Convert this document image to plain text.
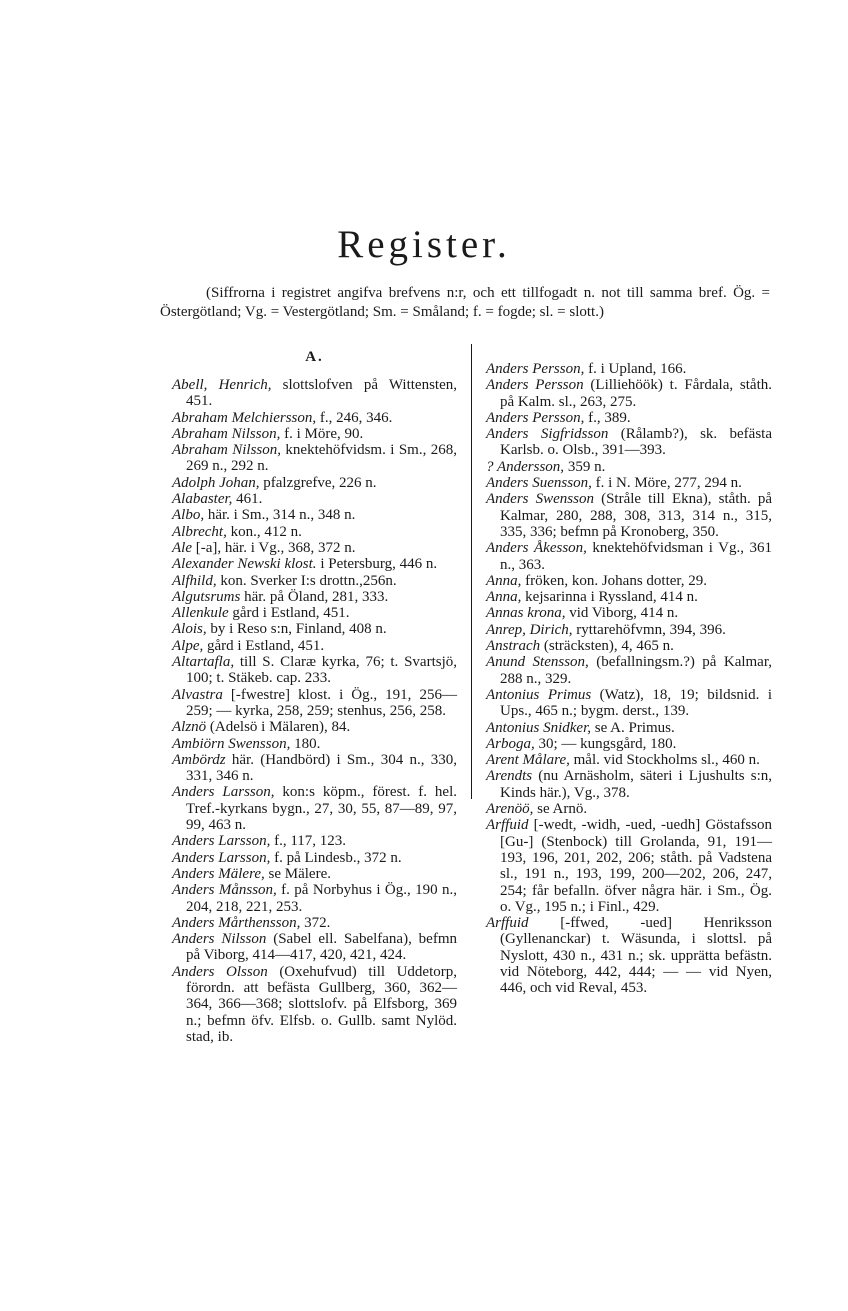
Register.

(Siffrorna i registret angifva brefvens n:r, och ett tillfogadt n. not till samma bref. Ög. = Östergötland; Vg. = Vestergötland; Sm. = Småland; f. = fogde; sl. = slott.)

A.

Abell, Henrich, slottslofven på Wittensten, 451.

Abraham Melchiersson, f., 246, 346.

Abraham Nilsson, f. i Möre, 90.

Abraham Nilsson, knektehöfvidsm. i Sm., 268, 269 n., 292 n.

Adolph Johan, pfalzgrefve, 226 n.

Alabaster, 461.

Albo, här. i Sm., 314 n., 348 n.

Albrecht, kon., 412 n.

Ale [-a], här. i Vg., 368, 372 n.

Alexander Newski klost. i Petersburg, 446 n.

Alfhild, kon. Sverker I:s drottn.,256n.

Algutsrums här. på Öland, 281, 333.

Allenkule gård i Estland, 451.

Alois, by i Reso s:n, Finland, 408 n.

Alpe, gård i Estland, 451.

Altartafla, till S. Claræ kyrka, 76; t. Svartsjö, 100; t. Stäkeb. cap. 233.

Alvastra [-fwestre] klost. i Ög., 191, 256—259; — kyrka, 258, 259; stenhus, 256, 258.

Alznö (Adelsö i Mälaren), 84.

Ambiörn Swensson, 180.

Ambördz här. (Handbörd) i Sm., 304 n., 330, 331, 346 n.

Anders Larsson, kon:s köpm., förest. f. hel. Tref.-kyrkans bygn., 27, 30, 55, 87—89, 97, 99, 463 n.

Anders Larsson, f., 117, 123.

Anders Larsson, f. på Lindesb., 372 n.

Anders Mälere, se Mälere.

Anders Månsson, f. på Norbyhus i Ög., 190 n., 204, 218, 221, 253.

Anders Mårthensson, 372.

Anders Nilsson (Sabel ell. Sabelfana), befmn på Viborg, 414—417, 420, 421, 424.

Anders Olsson (Oxehufvud) till Uddetorp, förordn. att befästa Gullberg, 360, 362—364, 366—368; slottslofv. på Elfsborg, 369 n.; befmn öfv. Elfsb. o. Gullb. samt Nylöd. stad, ib.

Anders Persson, f. i Upland, 166.

Anders Persson (Lilliehöök) t. Fårdala, ståth. på Kalm. sl., 263, 275.

Anders Persson, f., 389.

Anders Sigfridsson (Rålamb?), sk. befästa Karlsb. o. Olsb., 391—393.

? Andersson, 359 n.

Anders Suensson, f. i N. Möre, 277, 294 n.

Anders Swensson (Stråle till Ekna), ståth. på Kalmar, 280, 288, 308, 313, 314 n., 315, 335, 336; befmn på Kronoberg, 350.

Anders Åkesson, knektehöfvidsman i Vg., 361 n., 363.

Anna, fröken, kon. Johans dotter, 29.

Anna, kejsarinna i Ryssland, 414 n.

Annas krona, vid Viborg, 414 n.

Anrep, Dirich, ryttarehöfvmn, 394, 396.

Anstrach (sträcksten), 4, 465 n.

Anund Stensson, (befallningsm.?) på Kalmar, 288 n., 329.

Antonius Primus (Watz), 18, 19; bildsnid. i Ups., 465 n.; bygm. derst., 139.

Antonius Snidker, se A. Primus.

Arboga, 30; — kungsgård, 180.

Arent Målare, mål. vid Stockholms sl., 460 n.

Arendts (nu Arnäsholm, säteri i Ljushults s:n, Kinds här.), Vg., 378.

Arenöö, se Arnö.

Arffuid [-wedt, -widh, -ued, -uedh] Göstafsson [Gu-] (Stenbock) till Grolanda, 91, 191—193, 196, 201, 202, 206; ståth. på Vadstena sl., 191 n., 193, 199, 200—202, 206, 247, 254; får befalln. öfver några här. i Sm., Ög. o. Vg., 195 n.; i Finl., 429.

Arffuid [-ffwed, -ued] Henriksson (Gyllenanckar) t. Wäsunda, i slottsl. på Nyslott, 430 n., 431 n.; sk. upprätta befästn. vid Nöteborg, 442, 444; — — vid Nyen, 446, och vid Reval, 453.
